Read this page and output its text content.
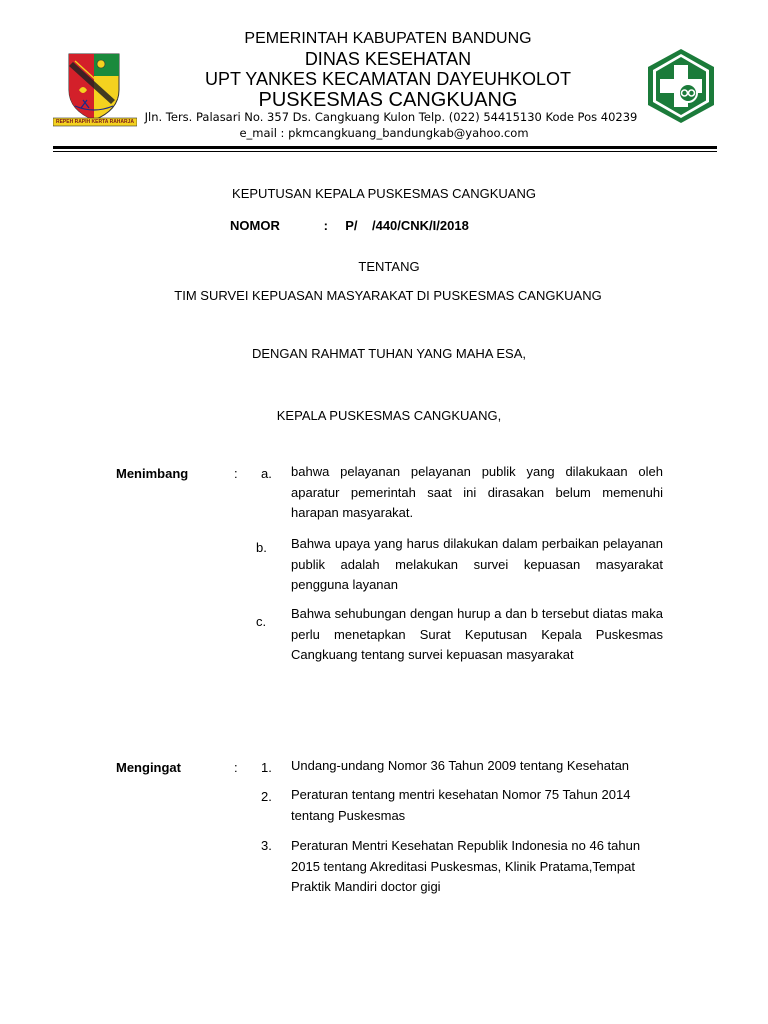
REPEH RAPIH KERTA RAHARJA
PEMERINTAH KABUPATEN BANDUNG
DINAS KESEHATAN
UPT YANKES KECAMATAN DAYEUHKOLOT
PUSKESMAS CANGKUANG
Jln. Ters. Palasari No. 357 Ds. Cangkuang Kulon Telp. (022) 54415130 Kode Pos 40239
e_mail : pkmcangkuang_bandungkab@yahoo.com
KEPUTUSAN KEPALA PUSKESMAS CANGKUANG
NOMOR	: P/    /440/CNK/I/2018
TENTANG
TIM SURVEI KEPUASAN MASYARAKAT DI PUSKESMAS CANGKUANG
DENGAN RAHMAT TUHAN YANG MAHA ESA,
KEPALA PUSKESMAS CANGKUANG,
Menimbang	: a. bahwa pelayanan pelayanan publik yang dilakukaan oleh aparatur pemerintah saat ini dirasakan belum memenuhi harapan masyarakat.
b. Bahwa upaya yang harus dilakukan dalam perbaikan pelayanan publik adalah melakukan survei kepuasan masyarakat pengguna layanan
c.
Bahwa sehubungan dengan hurup a dan b tersebut diatas maka perlu menetapkan Surat Keputusan Kepala Puskesmas Cangkuang tentang survei kepuasan masyarakat
Mengingat	: 1. Undang-undang Nomor 36 Tahun 2009 tentang Kesehatan
2. Peraturan tentang mentri kesehatan Nomor 75 Tahun 2014 tentang Puskesmas
3. Peraturan Mentri Kesehatan Republik Indonesia no 46 tahun 2015 tentang Akreditasi Puskesmas, Klinik Pratama,Tempat Praktik Mandiri doctor gigi
